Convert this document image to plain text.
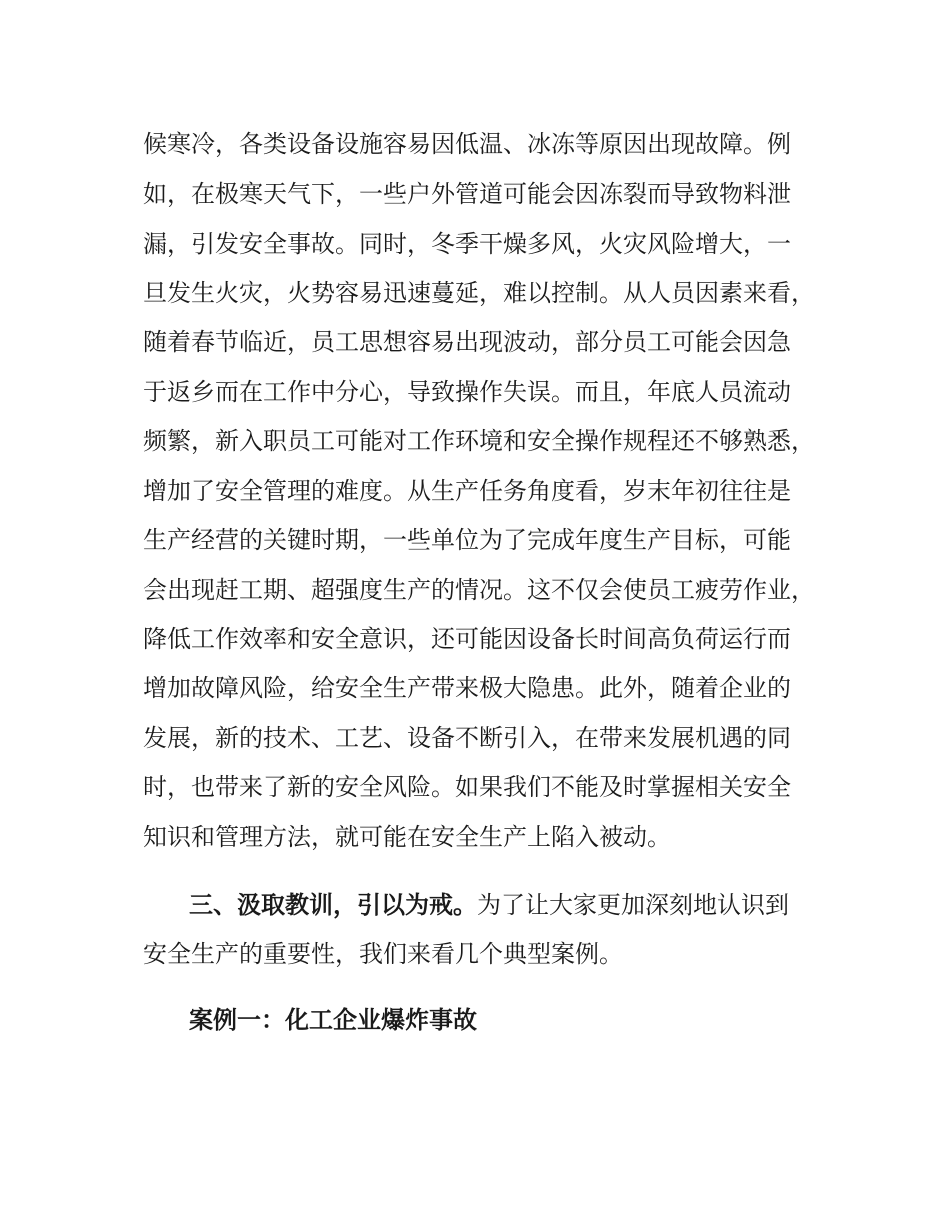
候寒冷，各类设备设施容易因低温、冰冻等原因出现故障。例
如，在极寒天气下，一些户外管道可能会因冻裂而导致物料泄
漏，引发安全事故。同时，冬季干燥多风，火灾风险增大，一
旦发生火灾，火势容易迅速蔓延，难以控制。从人员因素来看，
随着春节临近，员工思想容易出现波动，部分员工可能会因急
于返乡而在工作中分心，导致操作失误。而且，年底人员流动
频繁，新入职员工可能对工作环境和安全操作规程还不够熟悉，
增加了安全管理的难度。从生产任务角度看，岁末年初往往是
生产经营的关键时期，一些单位为了完成年度生产目标，可能
会出现赶工期、超强度生产的情况。这不仅会使员工疲劳作业，
降低工作效率和安全意识，还可能因设备长时间高负荷运行而
增加故障风险，给安全生产带来极大隐患。此外，随着企业的
发展，新的技术、工艺、设备不断引入，在带来发展机遇的同
时，也带来了新的安全风险。如果我们不能及时掌握相关安全
知识和管理方法，就可能在安全生产上陷入被动。
三、汲取教训，引以为戒。为了让大家更加深刻地认识到
安全生产的重要性，我们来看几个典型案例。
案例一：化工企业爆炸事故
